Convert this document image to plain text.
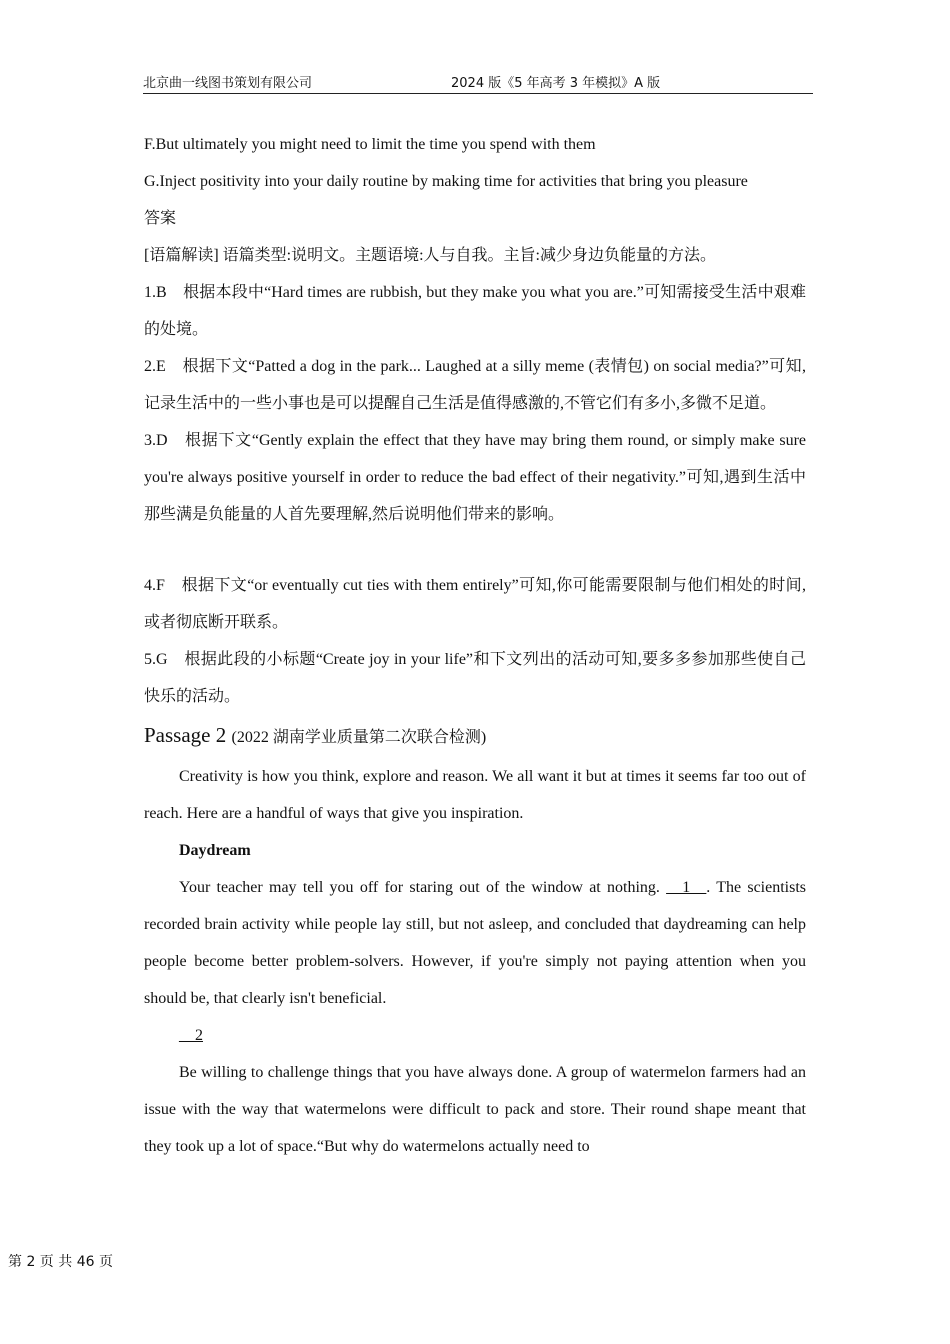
北京曲一线图书策划有限公司	2024 版《5 年高考 3 年模拟》A 版

F.But ultimately you might need to limit the time you spend with them

G.Inject positivity into your daily routine by making time for activities that bring you pleasure

答案

[语篇解读] 语篇类型:说明文。主题语境:人与自我。主旨:减少身边负能量的方法。

1.B　根据本段中“Hard times are rubbish, but they make you what you are.”可知需接受生活中艰难的处境。

2.E　根据下文“Patted a dog in the park... Laughed at a silly meme (表情包) on social media?”可知,记录生活中的一些小事也是可以提醒自己生活是值得感激的,不管它们有多小,多微不足道。

3.D　根据下文“Gently explain the effect that they have may bring them round, or simply make sure you're always positive yourself in order to reduce the bad effect of their negativity.”可知,遇到生活中那些满是负能量的人首先要理解,然后说明他们带来的影响。

4.F　根据下文“or eventually cut ties with them entirely”可知,你可能需要限制与他们相处的时间,或者彻底断开联系。

5.G　根据此段的小标题“Create joy in your life”和下文列出的活动可知,要多多参加那些使自己快乐的活动。

Passage 2 (2022 湖南学业质量第二次联合检测)

Creativity is how you think, explore and reason. We all want it but at times it seems far too out of reach. Here are a handful of ways that give you inspiration.

Daydream

Your teacher may tell you off for staring out of the window at nothing. __1__. The scientists recorded brain activity while people lay still, but not asleep, and concluded that daydreaming can help people become better problem-solvers. However, if you're simply not paying attention when you should be, that clearly isn't beneficial.

__2

Be willing to challenge things that you have always done. A group of watermelon farmers had an issue with the way that watermelons were difficult to pack and store. Their round shape meant that they took up a lot of space.“But why do watermelons actually need to

第 2 页 共 46 页
